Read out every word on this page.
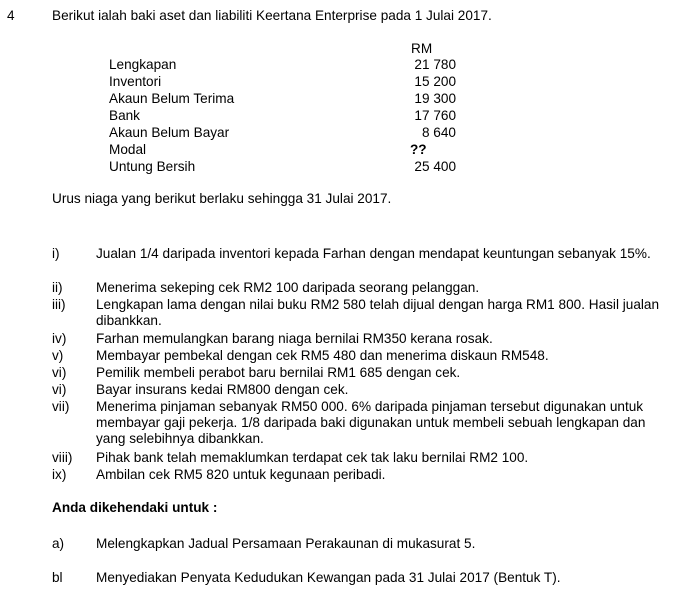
4	Berikut ialah baki aset dan liabiliti Keertana Enterprise pada 1 Julai 2017.
RM
Lengkapan	21 780
Inventori	15 200
Akaun Belum Terima	19 300
Bank	17 760
Akaun Belum Bayar	8 640
Modal	??
Untung Bersih	25 400
Urus niaga yang berikut berlaku sehingga 31 Julai 2017.
i)	Jualan 1/4 daripada inventori kepada Farhan dengan mendapat keuntungan sebanyak 15%.
ii) Menerima sekeping cek RM2 100 daripada seorang pelanggan.
iii) Lengkapan lama dengan nilai buku RM2 580 telah dijual dengan harga RM1 800. Hasil jualan dibankkan.
iv) Farhan memulangkan barang niaga bernilai RM350 kerana rosak.
v) Membayar pembekal dengan cek RM5 480 dan menerima diskaun RM548.
vi) Pemilik membeli perabot baru bernilai RM1 685 dengan cek.
vi) Bayar insurans kedai RM800 dengan cek.
vii) Menerima pinjaman sebanyak RM50 000. 6% daripada pinjaman tersebut digunakan untuk membayar gaji pekerja. 1/8 daripada baki digunakan untuk membeli sebuah lengkapan dan yang selebihnya dibankkan.
viii) Pihak bank telah memaklumkan terdapat cek tak laku bernilai RM2 100.
ix) Ambilan cek RM5 820 untuk kegunaan peribadi.
Anda dikehendaki untuk :
a) Melengkapkan Jadual Persamaan Perakaunan di mukasurat 5.
bl Menyediakan Penyata Kedudukan Kewangan pada 31 Julai 2017 (Bentuk T).
